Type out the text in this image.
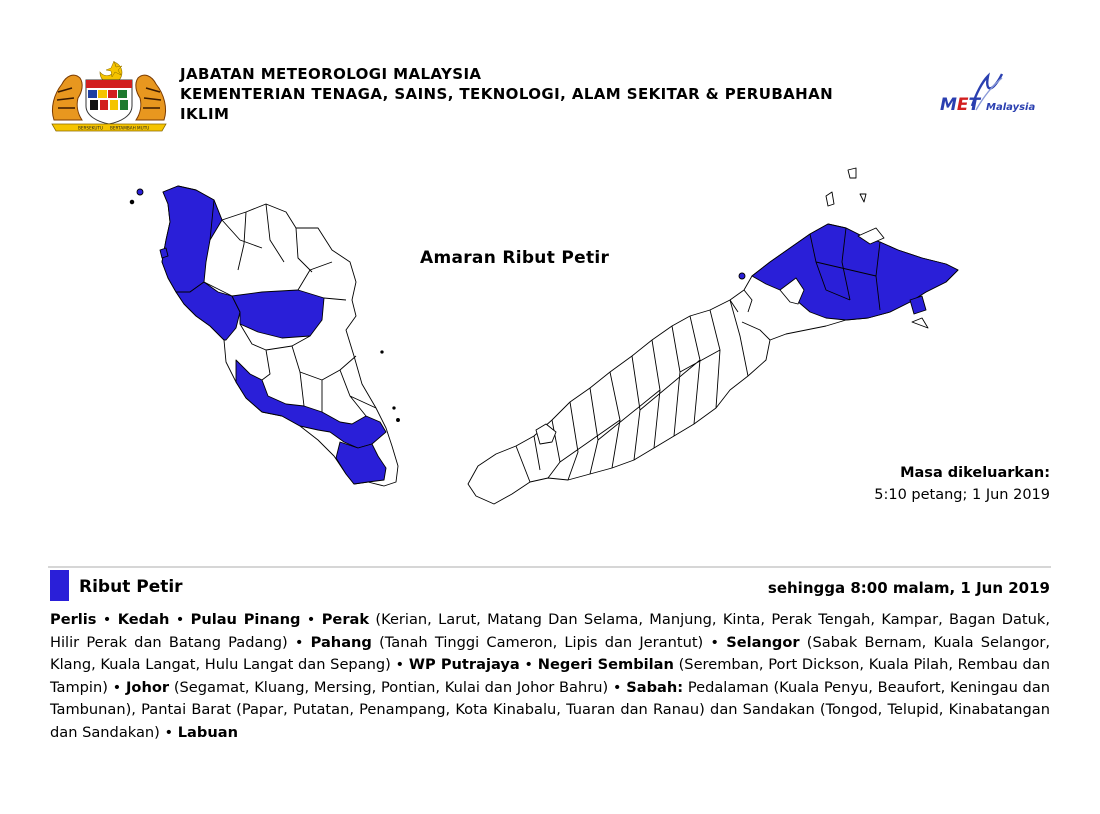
BERSEKUTU BERTAMBAH MUTU
JABATAN METEOROLOGI MALAYSIA
KEMENTERIAN TENAGA, SAINS, TEKNOLOGI, ALAM SEKITAR & PERUBAHAN
IKLIM	MET Malaysia
Amaran Ribut Petir
Masa dikeluarkan:
5:10 petang; 1 Jun 2019
Ribut Petir	sehingga 8:00 malam, 1 Jun 2019
Perlis • Kedah • Pulau Pinang • Perak (Kerian, Larut, Matang Dan Selama, Manjung, Kinta, Perak Tengah, Kampar, Bagan Datuk, Hilir Perak dan Batang Padang) • Pahang (Tanah Tinggi Cameron, Lipis dan Jerantut) • Selangor (Sabak Bernam, Kuala Selangor, Klang, Kuala Langat, Hulu Langat dan Sepang) • WP Putrajaya • Negeri Sembilan (Seremban, Port Dickson, Kuala Pilah, Rembau dan Tampin) • Johor (Segamat, Kluang, Mersing, Pontian, Kulai dan Johor Bahru) • Sabah: Pedalaman (Kuala Penyu, Beaufort, Keningau dan Tambunan), Pantai Barat (Papar, Putatan, Penampang, Kota Kinabalu, Tuaran dan Ranau) dan Sandakan (Tongod, Telupid, Kinabatangan dan Sandakan) • Labuan
